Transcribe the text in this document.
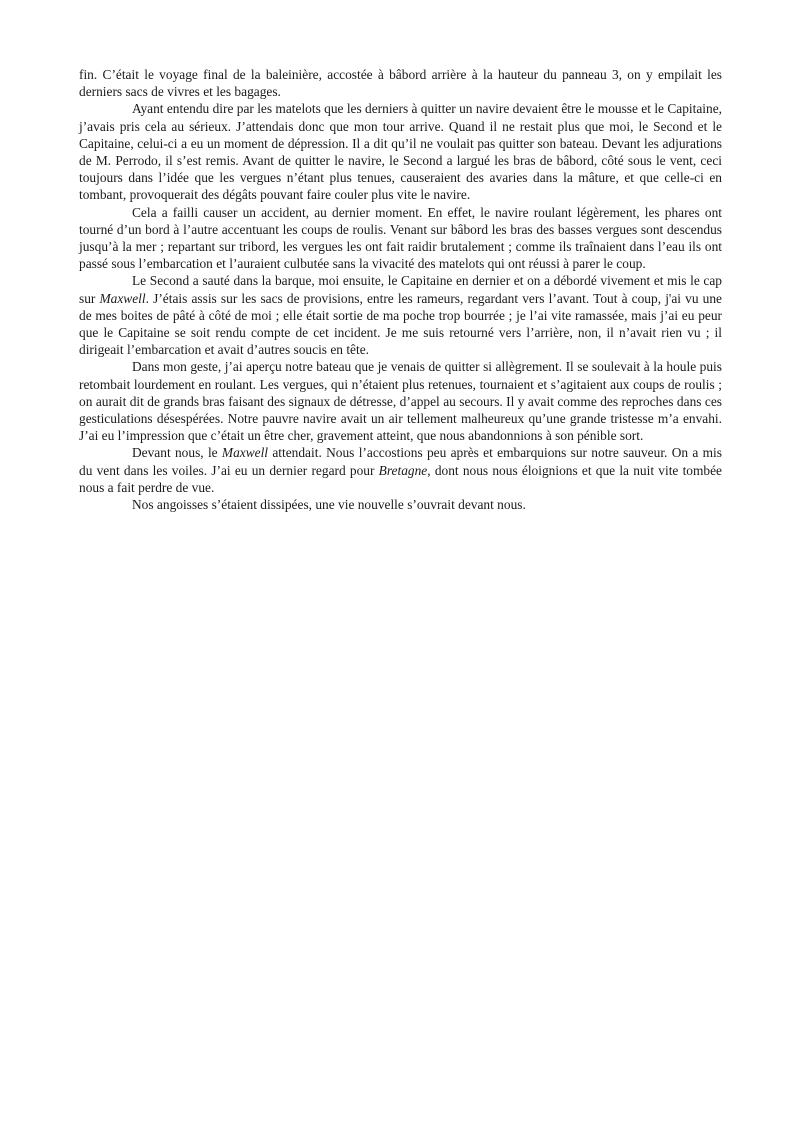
fin. C’était le voyage final de la baleinière, accostée à bâbord arrière à la hauteur du panneau 3, on y empilait les derniers sacs de vivres et les bagages.

Ayant entendu dire par les matelots que les derniers à quitter un navire devaient être le mousse et le Capitaine, j’avais pris cela au sérieux. J’attendais donc que mon tour arrive. Quand il ne restait plus que moi, le Second et le Capitaine, celui-ci a eu un moment de dépression. Il a dit qu’il ne voulait pas quitter son bateau. Devant les adjurations de M. Perrodo, il s’est remis. Avant de quitter le navire, le Second a largué les bras de bâbord, côté sous le vent, ceci toujours dans l’idée que les vergues n’étant plus tenues, causeraient des avaries dans la mâture, et que celle-ci en tombant, provoquerait des dégâts pouvant faire couler plus vite le navire.

Cela a failli causer un accident, au dernier moment. En effet, le navire roulant légèrement, les phares ont tourné d’un bord à l’autre accentuant les coups de roulis. Venant sur bâbord les bras des basses vergues sont descendus jusqu’à la mer ; repartant sur tribord, les vergues les ont fait raidir brutalement ; comme ils traînaient dans l’eau ils ont passé sous l’embarcation et l’auraient culbutée sans la vivacité des matelots qui ont réussi à parer le coup.

Le Second a sauté dans la barque, moi ensuite, le Capitaine en dernier et on a débordé vivement et mis le cap sur Maxwell. J’étais assis sur les sacs de provisions, entre les rameurs, regardant vers l’avant. Tout à coup, j'ai vu une de mes boites de pâté à côté de moi ; elle était sortie de ma poche trop bourrée ; je l’ai vite ramassée, mais j’ai eu peur que le Capitaine se soit rendu compte de cet incident. Je me suis retourné vers l’arrière, non, il n’avait rien vu ; il dirigeait l’embarcation et avait d’autres soucis en tête.

Dans mon geste, j’ai aperçu notre bateau que je venais de quitter si allègrement. Il se soulevait à la houle puis retombait lourdement en roulant. Les vergues, qui n’étaient plus retenues, tournaient et s’agitaient aux coups de roulis ; on aurait dit de grands bras faisant des signaux de détresse, d’appel au secours. Il y avait comme des reproches dans ces gesticulations désespérées. Notre pauvre navire avait un air tellement malheureux qu’une grande tristesse m’a envahi. J’ai eu l’impression que c’était un être cher, gravement atteint, que nous abandonnions à son pénible sort.

Devant nous, le Maxwell attendait. Nous l’accostions peu après et embarquions sur notre sauveur. On a mis du vent dans les voiles. J’ai eu un dernier regard pour Bretagne, dont nous nous éloignions et que la nuit vite tombée nous a fait perdre de vue.

Nos angoisses s’étaient dissipées, une vie nouvelle s’ouvrait devant nous.
